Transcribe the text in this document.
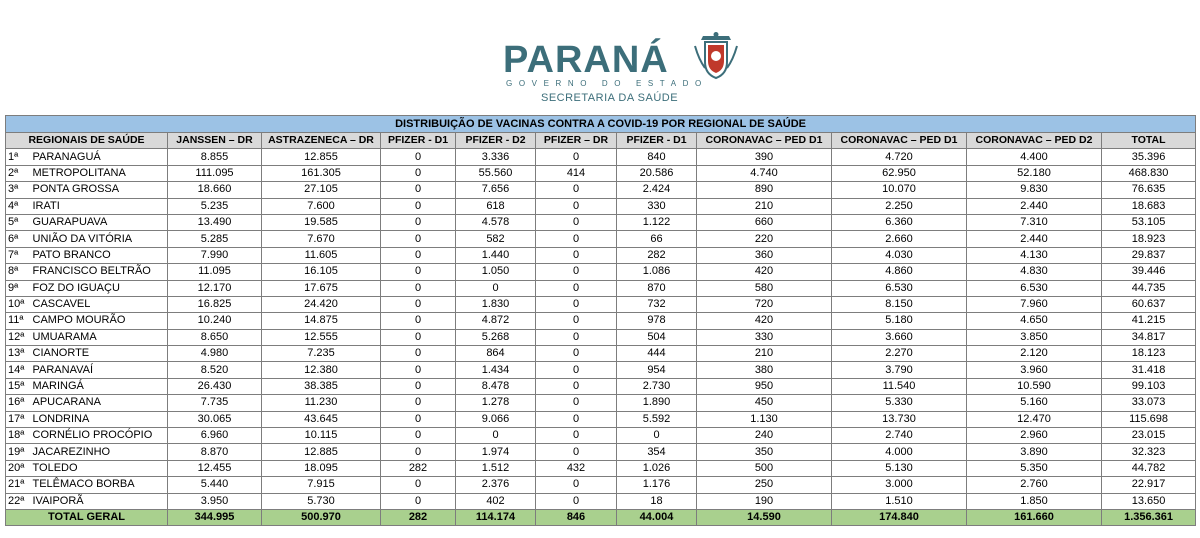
PARANÁ
GOVERNO DO ESTADO
SECRETARIA DA SAÚDE
DISTRIBUIÇÃO DE VACINAS CONTRA A COVID-19 POR REGIONAL DE SAÚDE											
REGIONAIS DE SAÚDE		JANSSEN – DR	ASTRAZENECA – DR	PFIZER - D1	PFIZER - D2	PFIZER – DR	PFIZER - D1	CORONAVAC – PED D1	CORONAVAC – PED D1	CORONAVAC – PED D2	TOTAL
1ª	PARANAGUÁ	8.855	12.855	0	3.336	0	840	390	4.720	4.400	35.396
2ª	METROPOLITANA	111.095	161.305	0	55.560	414	20.586	4.740	62.950	52.180	468.830
3ª	PONTA GROSSA	18.660	27.105	0	7.656	0	2.424	890	10.070	9.830	76.635
4ª	IRATI	5.235	7.600	0	618	0	330	210	2.250	2.440	18.683
5ª	GUARAPUAVA	13.490	19.585	0	4.578	0	1.122	660	6.360	7.310	53.105
6ª	UNIÃO DA VITÓRIA	5.285	7.670	0	582	0	66	220	2.660	2.440	18.923
7ª	PATO BRANCO	7.990	11.605	0	1.440	0	282	360	4.030	4.130	29.837
8ª	FRANCISCO BELTRÃO	11.095	16.105	0	1.050	0	1.086	420	4.860	4.830	39.446
9ª	FOZ DO IGUAÇU	12.170	17.675	0	0	0	870	580	6.530	6.530	44.735
10ª	CASCAVEL	16.825	24.420	0	1.830	0	732	720	8.150	7.960	60.637
11ª	CAMPO MOURÃO	10.240	14.875	0	4.872	0	978	420	5.180	4.650	41.215
12ª	UMUARAMA	8.650	12.555	0	5.268	0	504	330	3.660	3.850	34.817
13ª	CIANORTE	4.980	7.235	0	864	0	444	210	2.270	2.120	18.123
14ª	PARANAVAÍ	8.520	12.380	0	1.434	0	954	380	3.790	3.960	31.418
15ª	MARINGÁ	26.430	38.385	0	8.478	0	2.730	950	11.540	10.590	99.103
16ª	APUCARANA	7.735	11.230	0	1.278	0	1.890	450	5.330	5.160	33.073
17ª	LONDRINA	30.065	43.645	0	9.066	0	5.592	1.130	13.730	12.470	115.698
18ª	CORNÉLIO PROCÓPIO	6.960	10.115	0	0	0	0	240	2.740	2.960	23.015
19ª	JACAREZINHO	8.870	12.885	0	1.974	0	354	350	4.000	3.890	32.323
20ª	TOLEDO	12.455	18.095	282	1.512	432	1.026	500	5.130	5.350	44.782
21ª	TELÊMACO BORBA	5.440	7.915	0	2.376	0	1.176	250	3.000	2.760	22.917
22ª	IVAIPORÃ	3.950	5.730	0	402	0	18	190	1.510	1.850	13.650
TOTAL GERAL		344.995	500.970	282	114.174	846	44.004	14.590	174.840	161.660	1.356.361
